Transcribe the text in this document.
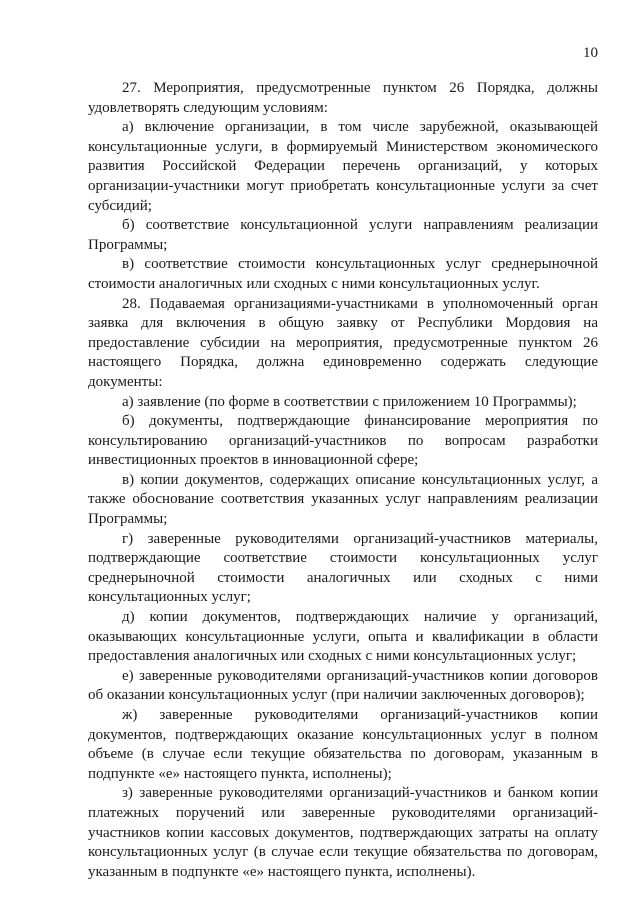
10

27. Мероприятия, предусмотренные пунктом 26 Порядка, должны удовлетворять следующим условиям:

а) включение организации, в том числе зарубежной, оказывающей консультационные услуги, в формируемый Министерством экономического развития Российской Федерации перечень организаций, у которых организации-участники могут приобретать консультационные услуги за счет субсидий;

б) соответствие консультационной услуги направлениям реализации Программы;

в) соответствие стоимости консультационных услуг среднерыночной стоимости аналогичных или сходных с ними консультационных услуг.

28. Подаваемая организациями-участниками в уполномоченный орган заявка для включения в общую заявку от Республики Мордовия на предоставление субсидии на мероприятия, предусмотренные пунктом 26 настоящего Порядка, должна единовременно содержать следующие документы:

а) заявление (по форме в соответствии с приложением 10 Программы);

б) документы, подтверждающие финансирование мероприятия по консультированию организаций-участников по вопросам разработки инвестиционных проектов в инновационной сфере;

в) копии документов, содержащих описание консультационных услуг, а также обоснование соответствия указанных услуг направлениям реализации Программы;

г) заверенные руководителями организаций-участников материалы, подтверждающие соответствие стоимости консультационных услуг среднерыночной стоимости аналогичных или сходных с ними консультационных услуг;

д) копии документов, подтверждающих наличие у организаций, оказывающих консультационные услуги, опыта и квалификации в области предоставления аналогичных или сходных с ними консультационных услуг;

е) заверенные руководителями организаций-участников копии договоров об оказании консультационных услуг (при наличии заключенных договоров);

ж) заверенные руководителями организаций-участников копии документов, подтверждающих оказание консультационных услуг в полном объеме (в случае если текущие обязательства по договорам, указанным в подпункте «е» настоящего пункта, исполнены);

з) заверенные руководителями организаций-участников и банком копии платежных поручений или заверенные руководителями организаций-участников копии кассовых документов, подтверждающих затраты на оплату консультационных услуг (в случае если текущие обязательства по договорам, указанным в подпункте «е» настоящего пункта, исполнены).
